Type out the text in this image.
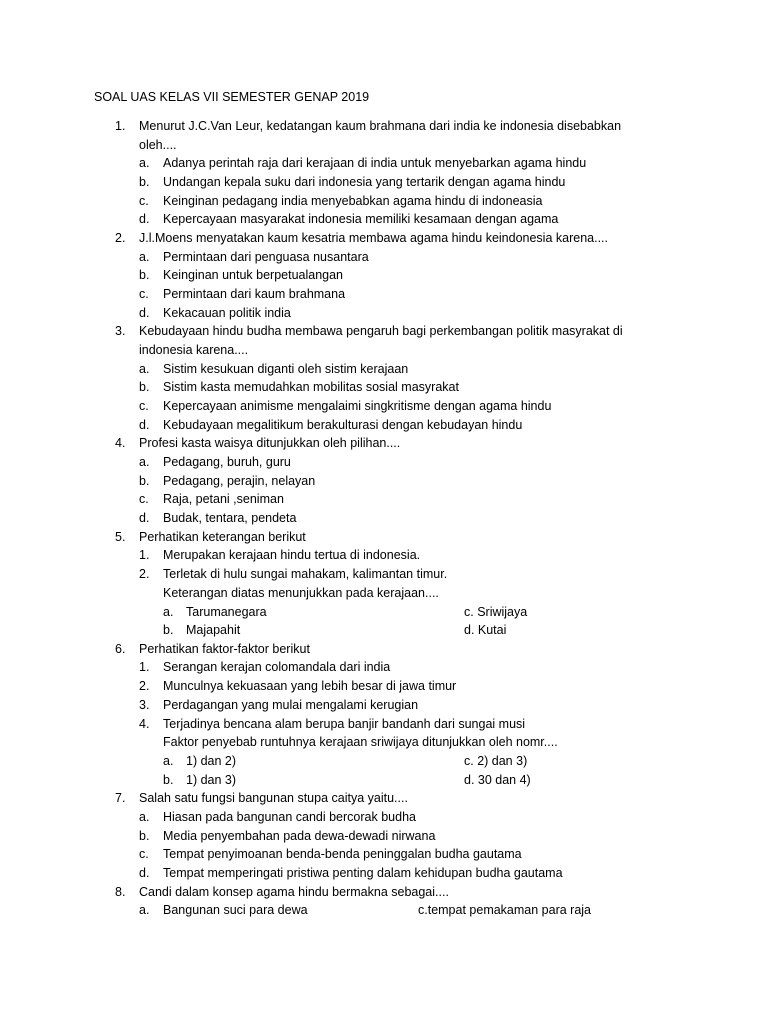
SOAL UAS KELAS VII SEMESTER GENAP 2019
1.	Menurut J.C.Van Leur, kedatangan kaum brahmana dari india ke indonesia disebabkan oleh....
a.	Adanya perintah raja dari kerajaan di india untuk menyebarkan agama hindu
b.	Undangan kepala suku dari indonesia yang tertarik dengan agama hindu
c.	Keinginan pedagang india menyebabkan agama hindu di indoneasia
d.	Kepercayaan masyarakat indonesia memiliki kesamaan dengan agama
2.	J.l.Moens menyatakan kaum kesatria membawa agama hindu keindonesia karena....
a.	Permintaan dari penguasa nusantara
b.	Keinginan untuk berpetualangan
c.	Permintaan dari kaum brahmana
d.	Kekacauan politik india
3.	Kebudayaan hindu budha membawa pengaruh bagi perkembangan politik masyrakat di indonesia karena....
a.	Sistim kesukuan diganti oleh sistim kerajaan
b.	Sistim kasta memudahkan mobilitas sosial masyrakat
c.	Kepercayaan animisme mengalaimi singkritisme dengan agama hindu
d.	Kebudayaan megalitikum berakulturasi dengan kebudayan hindu
4.	Profesi kasta waisya ditunjukkan oleh pilihan....
a.	Pedagang, buruh, guru
b.	Pedagang, perajin, nelayan
c.	Raja, petani ,seniman
d.	Budak, tentara, pendeta
5.	Perhatikan keterangan berikut
1.	Merupakan kerajaan hindu tertua di indonesia.
2.	Terletak di hulu sungai mahakam, kalimantan timur.
Keterangan diatas menunjukkan pada kerajaan....
a.	Tarumanegara	c. Sriwijaya
b.	Majapahit	d. Kutai
6.	Perhatikan faktor-faktor berikut
1.	Serangan kerajan colomandala dari india
2.	Munculnya kekuasaan yang lebih besar di jawa timur
3.	Perdagangan yang mulai mengalami kerugian
4.	Terjadinya bencana alam berupa banjir bandanh dari sungai musi
Faktor penyebab runtuhnya kerajaan sriwijaya ditunjukkan oleh nomr....
a.	1) dan 2)	c. 2) dan 3)
b.	1) dan 3)	d. 30 dan 4)
7.	Salah satu fungsi bangunan stupa caitya yaitu....
a.	Hiasan pada bangunan candi bercorak budha
b.	Media penyembahan pada dewa-dewadi nirwana
c.	Tempat penyimoanan benda-benda peninggalan budha gautama
d.	Tempat memperingati pristiwa penting dalam kehidupan budha gautama
8.	Candi dalam konsep agama hindu bermakna sebagai....
a. Bangunan suci para dewa	c.tempat pemakaman para raja
